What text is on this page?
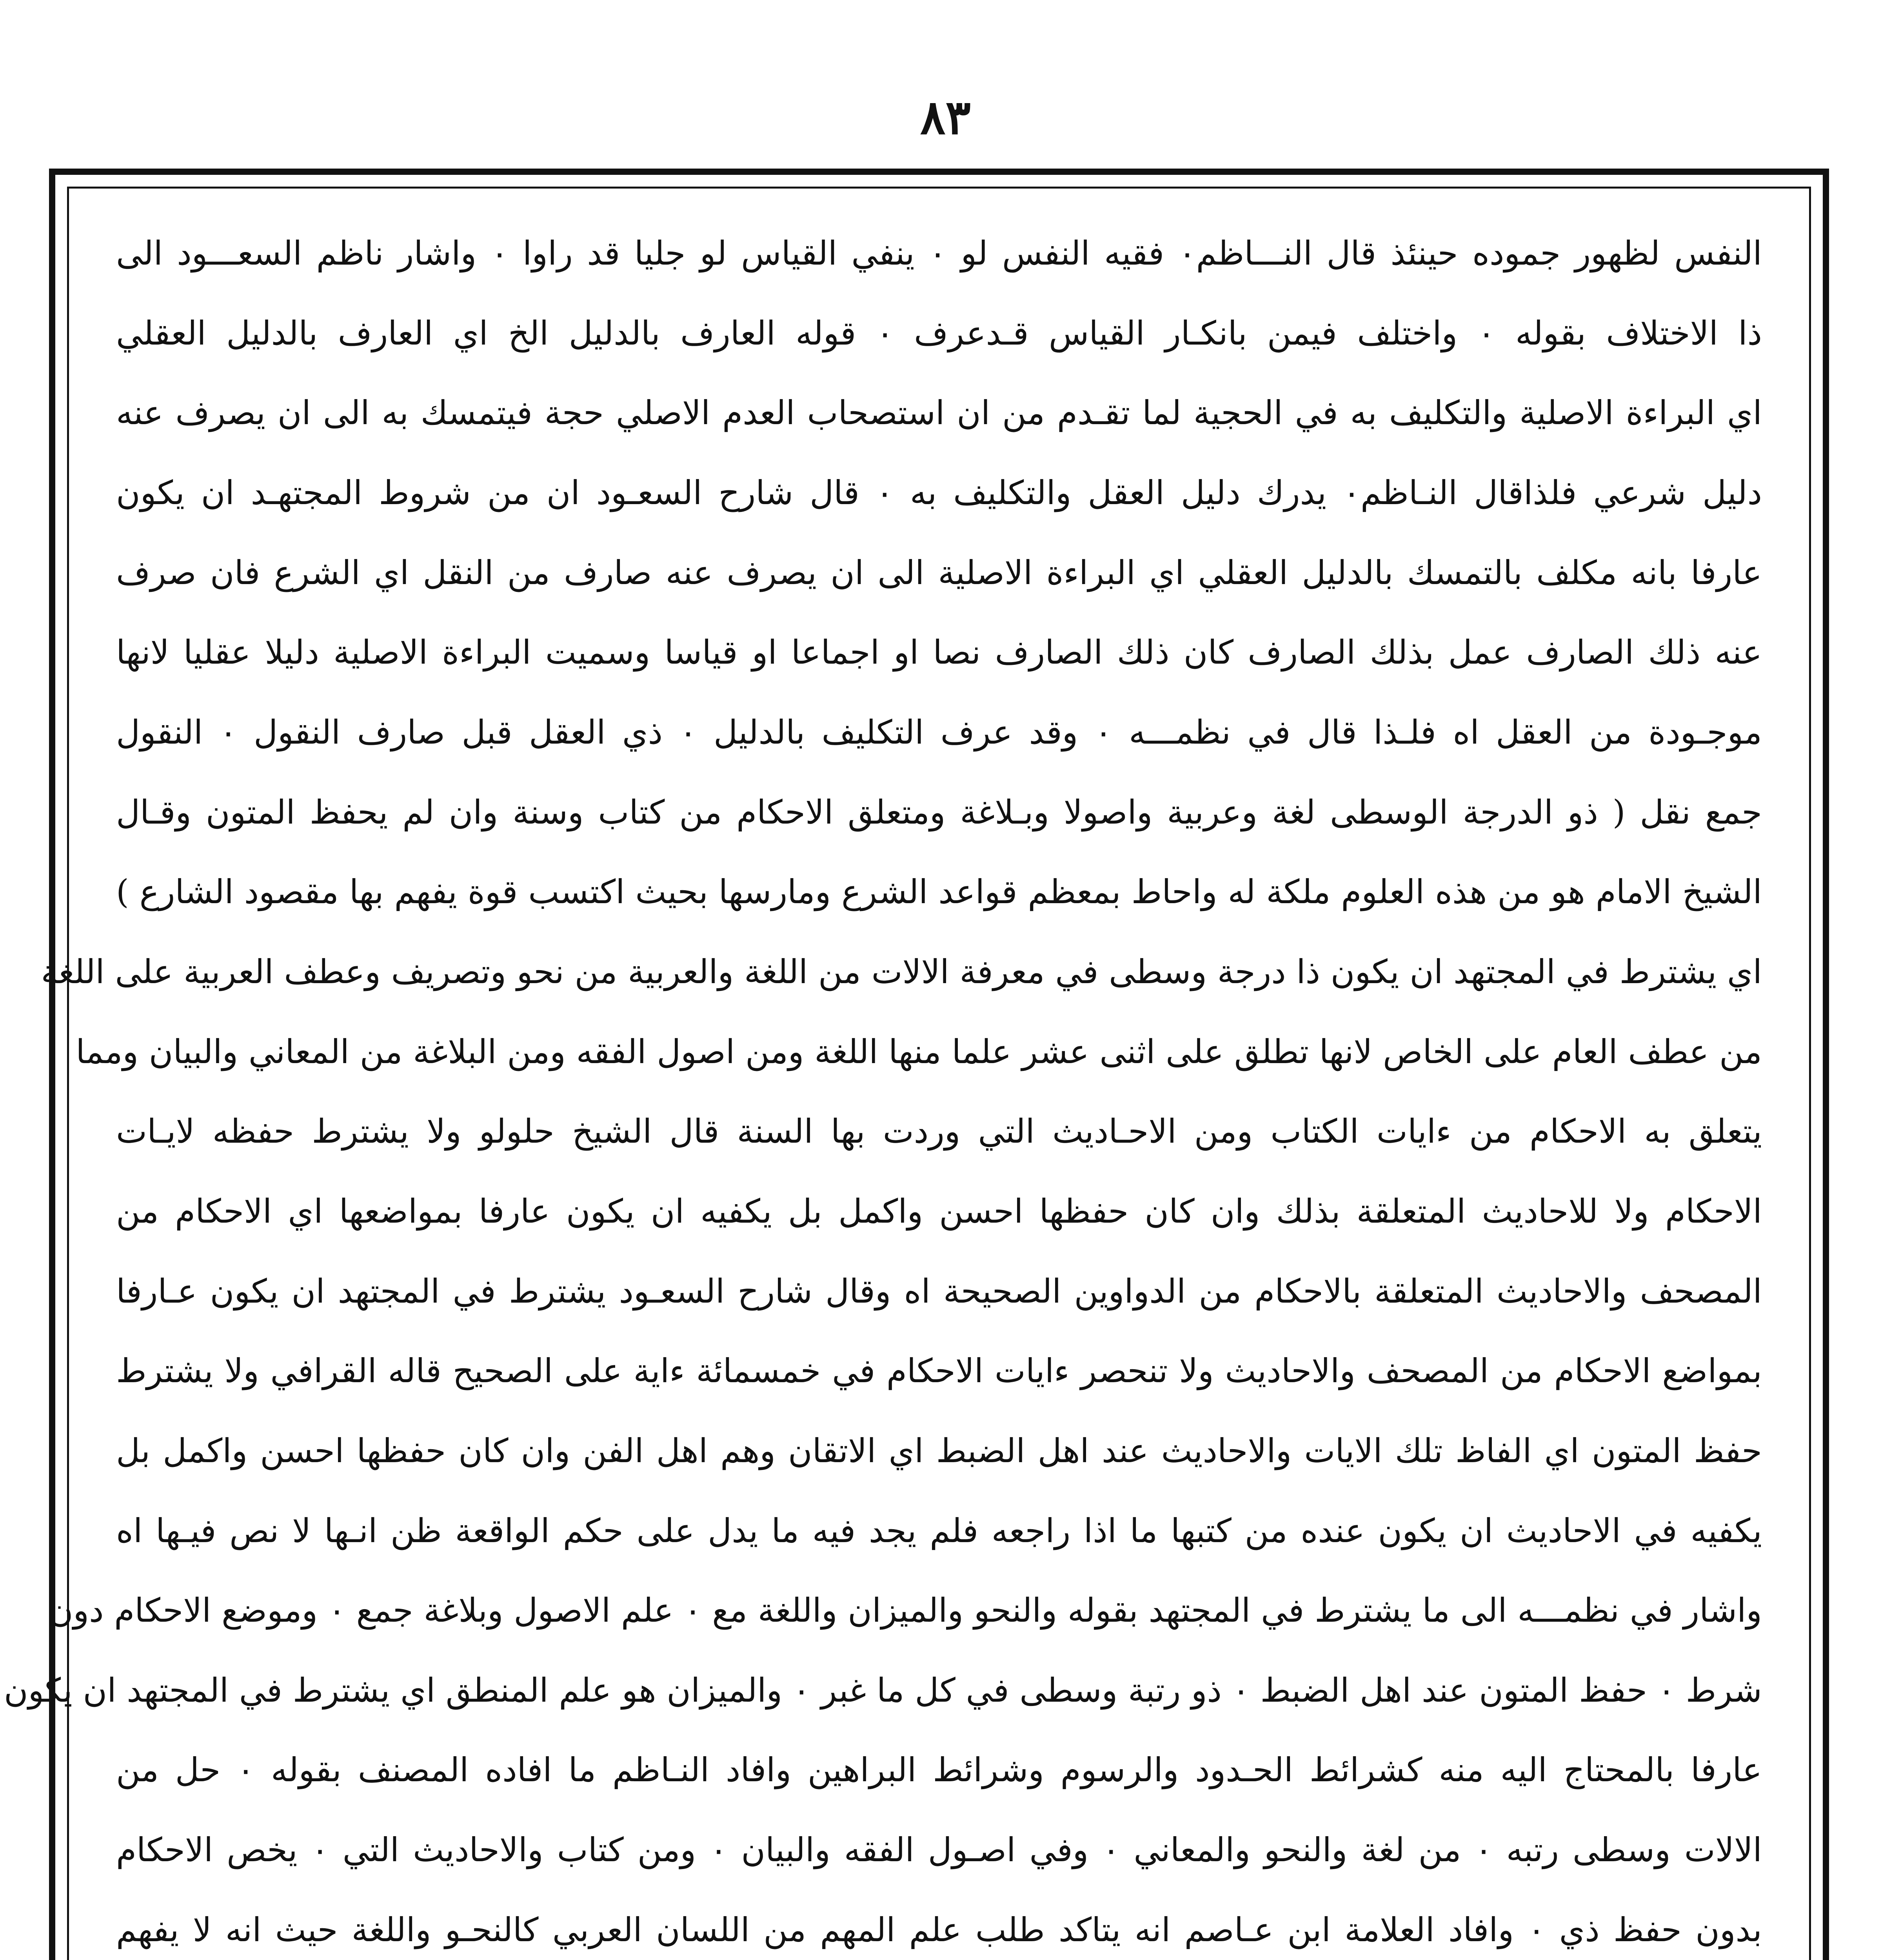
٨٣
النفس لظهور جموده حينئذ قال النـــاظم٠ فقيه النفس لو ٠ ينفي القياس لو جليا قد راوا ٠ واشار ناظم السعـــود الى
ذا الاختلاف بقوله ٠ واختلف فيمن بانكـار القياس قـدعرف ٠ قوله العارف بالدليل الخ اي العارف بالدليل العقلي
اي البراءة الاصلية والتكليف به في الحجية لما تقـدم من ان استصحاب العدم الاصلي حجة فيتمسك به الى ان يصرف عنه
دليل شرعي فلذاقال النـاظم٠ يدرك دليل العقل والتكليف به ٠ قال شارح السعـود ان من شروط المجتهـد ان يكون
عارفا بانه مكلف بالتمسك بالدليل العقلي اي البراءة الاصلية الى ان يصرف عنه صارف من النقل اي الشرع فان صرف
عنه ذلك الصارف عمل بذلك الصارف كان ذلك الصارف نصا او اجماعا او قياسا وسميت البراءة الاصلية دليلا عقليا لانها
موجـودة من العقل اه فلـذا قال في نظمـــه ٠ وقد عرف التكليف بالدليل ٠ ذي العقل قبل صارف النقول ٠ النقول
جمع نقل ( ذو الدرجة الوسطى لغة وعربية واصولا وبـلاغة ومتعلق الاحكام من كتاب وسنة وان لم يحفظ المتون وقـال
الشيخ الامام هو من هذه العلوم ملكة له واحاط بمعظم قواعد الشرع ومارسها بحيث اكتسب قوة يفهم بها مقصود الشارع )
اي يشترط في المجتهد ان يكون ذا درجة وسطى في معرفة الالات من اللغة والعربية من نحو وتصريف وعطف العربية على اللغة
من عطف العام على الخاص لانها تطلق على اثنى عشر علما منها اللغة ومن اصول الفقه ومن البلاغة من المعاني والبيان ومما
يتعلق به الاحكام من ءايات الكتاب ومن الاحـاديث التي وردت بها السنة قال الشيخ حلولو ولا يشترط حفظه لايـات
الاحكام ولا للاحاديث المتعلقة بذلك وان كان حفظها احسن واكمل بل يكفيه ان يكون عارفا بمواضعها اي الاحكام من
المصحف والاحاديث المتعلقة بالاحكام من الدواوين الصحيحة اه وقال شارح السعـود يشترط في المجتهد ان يكون عـارفا
بمواضع الاحكام من المصحف والاحاديث ولا تنحصر ءايات الاحكام في خمسمائة ءاية على الصحيح قاله القرافي ولا يشترط
حفظ المتون اي الفاظ تلك الايات والاحاديث عند اهل الضبط اي الاتقان وهم اهل الفن وان كان حفظها احسن واكمل بل
يكفيه في الاحاديث ان يكون عنده من كتبها ما اذا راجعه فلم يجد فيه ما يدل على حكم الواقعة ظن انـها لا نص فيـها اه
واشار في نظمـــه الى ما يشترط في المجتهد بقوله والنحو والميزان واللغة مع ٠ علم الاصول وبلاغة جمع ٠ وموضع الاحكام دون
شرط ٠ حفظ المتون عند اهل الضبط ٠ ذو رتبة وسطى في كل ما غبر ٠ والميزان هو علم المنطق اي يشترط في المجتهد ان يكون
عارفا بالمحتاج اليه منه كشرائط الحـدود والرسوم وشرائط البراهين وافاد النـاظم ما افاده المصنف بقوله ٠ حل من
الالات وسطى رتبه ٠ من لغة والنحو والمعاني ٠ وفي اصـول الفقه والبيان ٠ ومن كتاب والاحاديث التي ٠ يخص الاحكام
بدون حفظ ذي ٠ وافاد العلامة ابن عـاصم انه يتاكد طلب علم المهم من اللسان العربي كالنحـو واللغة حيث انه لا يفهم
